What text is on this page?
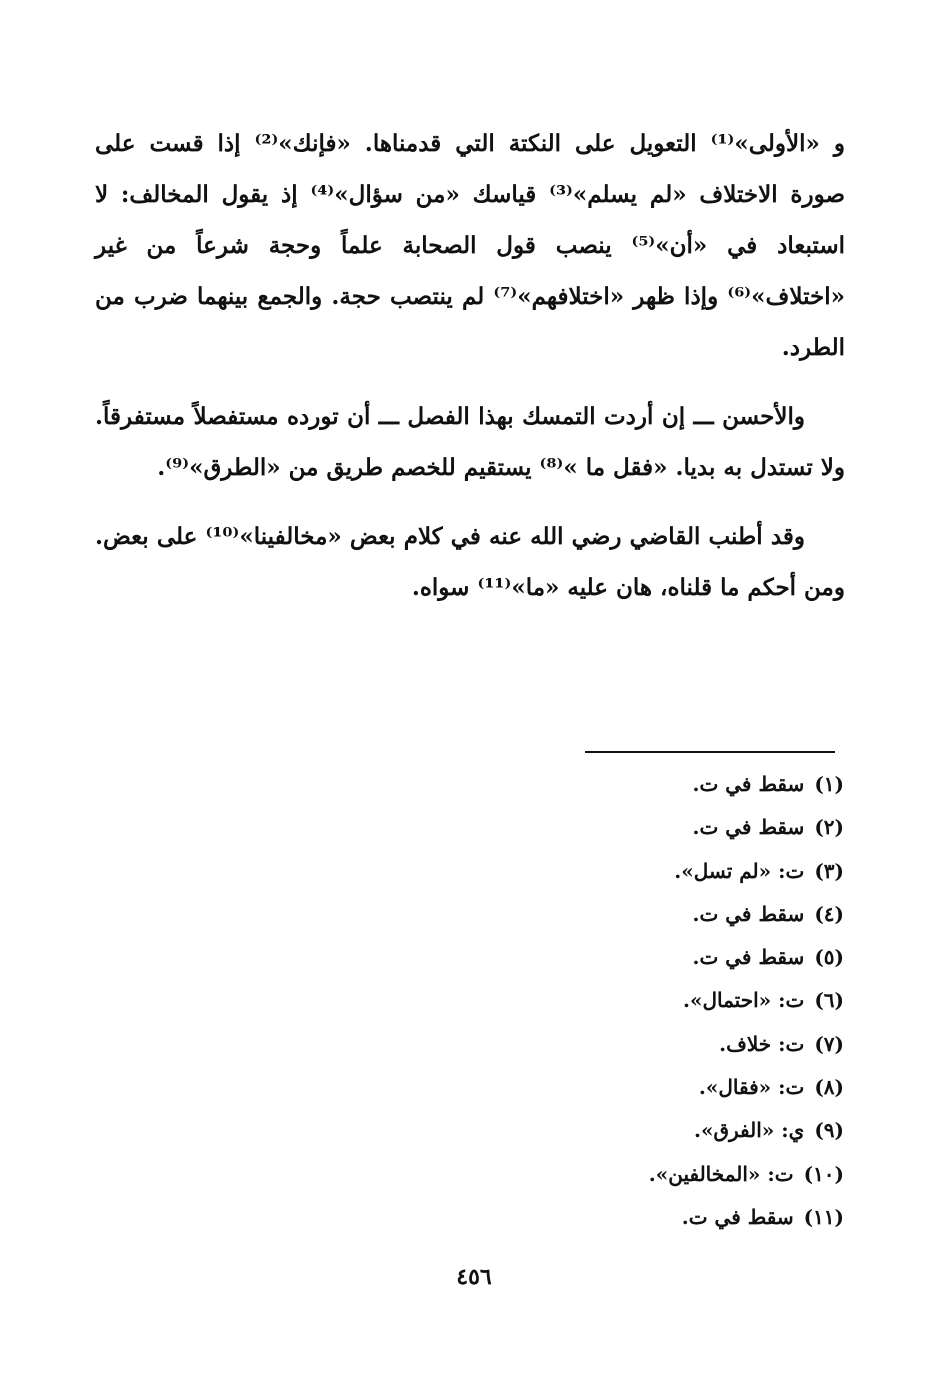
و «الأولى»⁽¹⁾ التعويل على النكتة التي قدمناها. «فإنك»⁽²⁾ إذا قست على صورة الاختلاف «لم يسلم»⁽³⁾ قياسك «من سؤال»⁽⁴⁾ إذ يقول المخالف: لا استبعاد في «أن»⁽⁵⁾ ينصب قول الصحابة علماً وحجة شرعاً من غير «اختلاف»⁽⁶⁾ وإذا ظهر «اختلافهم»⁽⁷⁾ لم ينتصب حجة. والجمع بينهما ضرب من الطرد.

والأحسن ـــ إن أردت التمسك بهذا الفصل ـــ أن تورده مستفصلاً مستفرقاً. ولا تستدل به بديا. «فقل ما »⁽⁸⁾ يستقيم للخصم طريق من «الطرق»⁽⁹⁾.

وقد أطنب القاضي رضي الله عنه في كلام بعض «مخالفينا»⁽¹⁰⁾ على بعض. ومن أحكم ما قلناه، هان عليه «ما»⁽¹¹⁾ سواه.

(١)سقط في ت.
(٢)سقط في ت.
(٣)ت: «لم تسل».
(٤)سقط في ت.
(٥)سقط في ت.
(٦)ت: «احتمال».
(٧)ت: خلاف.
(٨)ت: «فقال».
(٩)ي: «الفرق».
(١٠)ت: «المخالفين».
(١١)سقط في ت.
٤٥٦
